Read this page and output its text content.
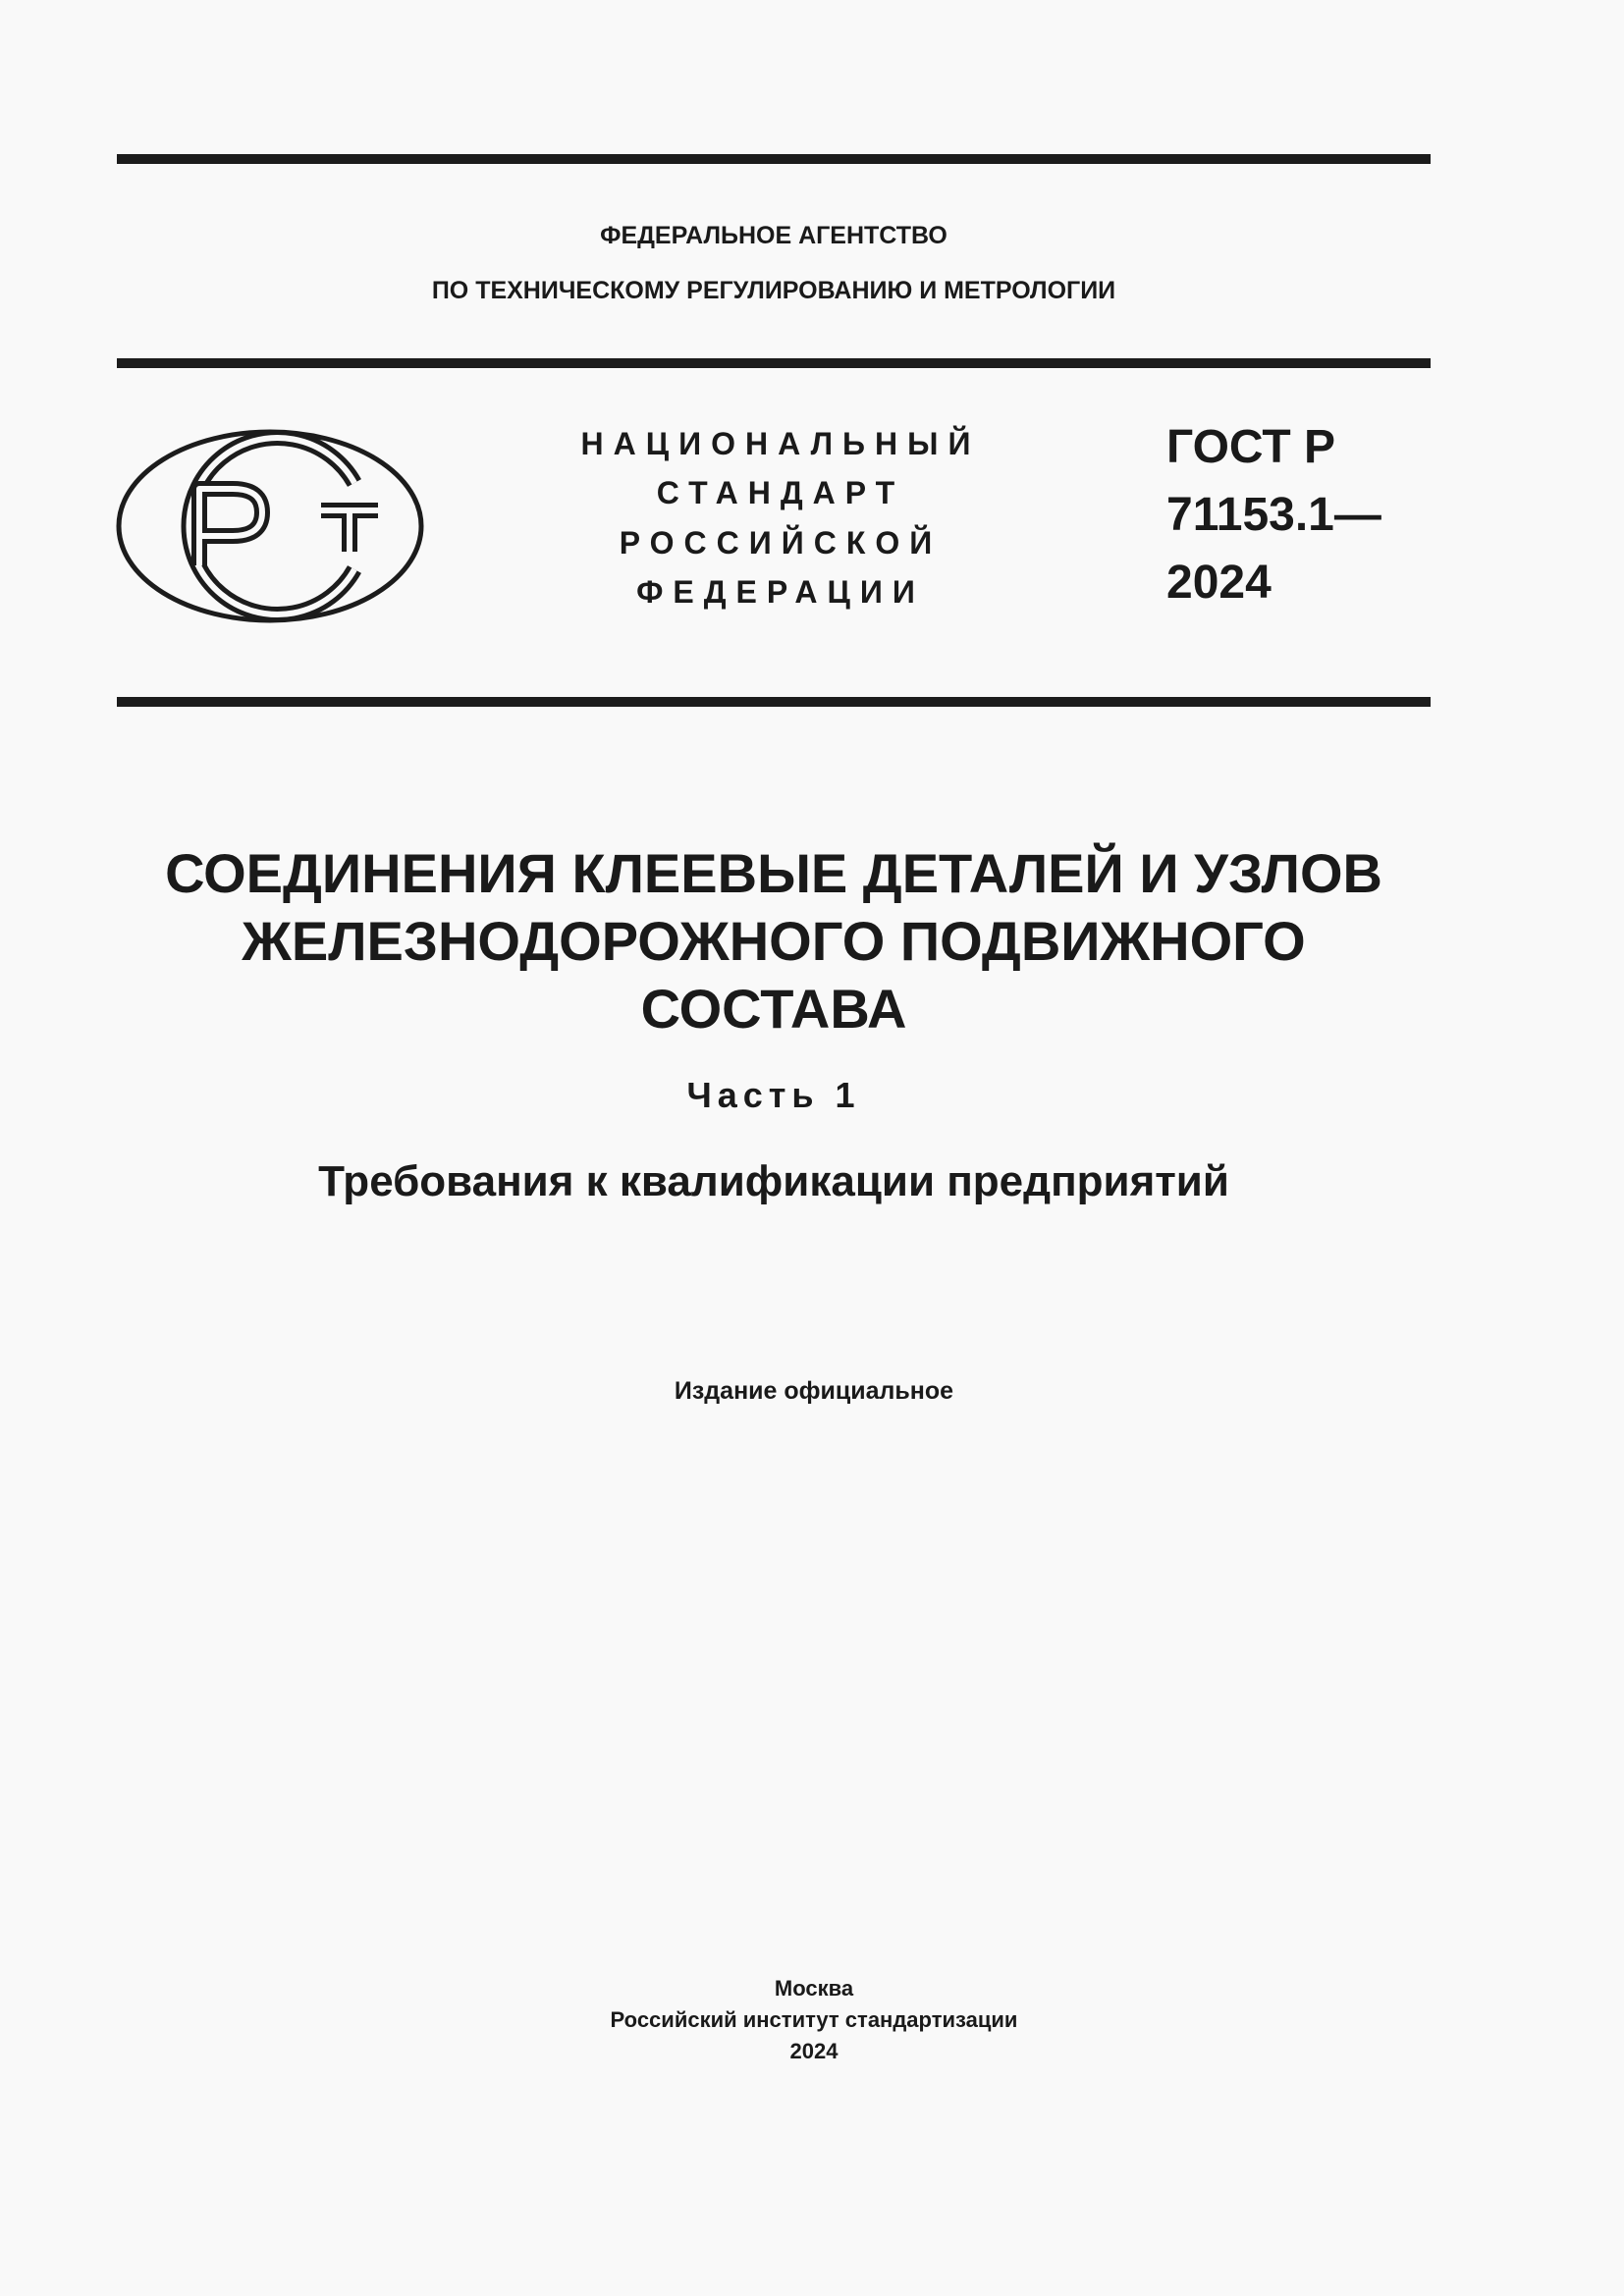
ФЕДЕРАЛЬНОЕ АГЕНТСТВО
ПО ТЕХНИЧЕСКОМУ РЕГУЛИРОВАНИЮ И МЕТРОЛОГИИ
НАЦИОНАЛЬНЫЙ
СТАНДАРТ
РОССИЙСКОЙ
ФЕДЕРАЦИИ
ГОСТ Р
71153.1—
2024
СОЕДИНЕНИЯ КЛЕЕВЫЕ ДЕТАЛЕЙ И УЗЛОВ
ЖЕЛЕЗНОДОРОЖНОГО ПОДВИЖНОГО
СОСТАВА
Часть 1
Требования к квалификации предприятий
Издание официальное
Москва
Российский институт стандартизации
2024
